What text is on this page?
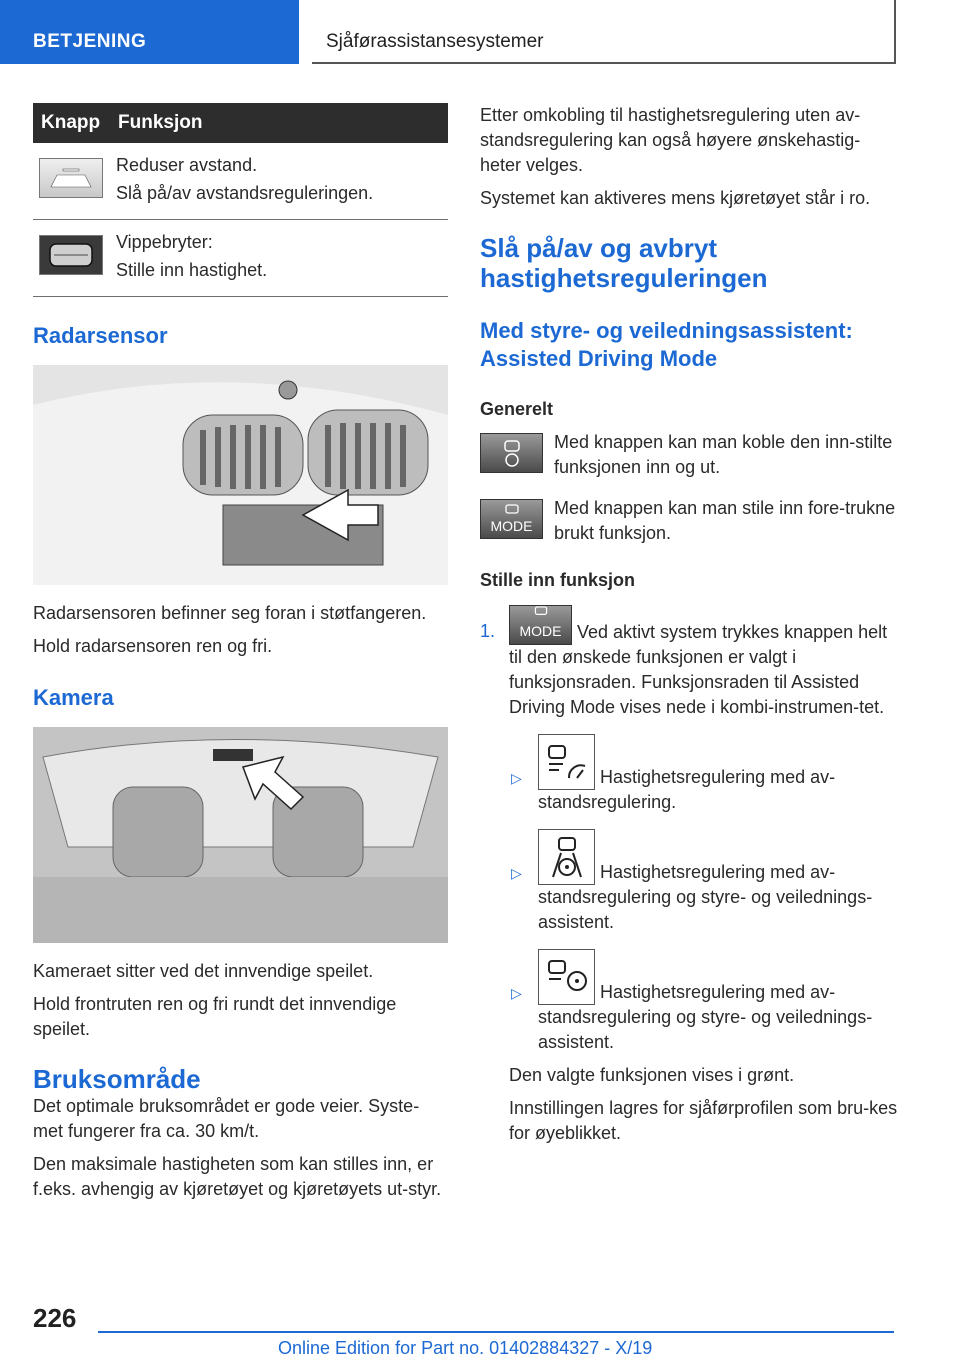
BETJENING	Sjåførassistansesystemer
Knapp	Funksjon

Reduser avstand.
Slå på/av avstandsreguleringen.

Vippebryter:
Stille inn hastighet.
Radarsensor

Radarsensoren befinner seg foran i støtfangeren.

Hold radarsensoren ren og fri.

Kamera

Kameraet sitter ved det innvendige speilet.

Hold frontruten ren og fri rundt det innvendige speilet.

Bruksområde

Det optimale bruksområdet er gode veier. Syste-met fungerer fra ca. 30 km/t.

Den maksimale hastigheten som kan stilles inn, er f.eks. avhengig av kjøretøyet og kjøretøyets ut-styr.

Etter omkobling til hastighetsregulering uten av-standsregulering kan også høyere ønskehastig-heter velges.

Systemet kan aktiveres mens kjøretøyet står i ro.

Slå på/av og avbryt hastighetsreguleringen
Med styre- og veiledningsassistent: Assisted Driving Mode
Generelt

Med knappen kan man koble den inn-stilte funksjonen inn og ut.

MODE

Med knappen kan man stile inn fore-trukne brukt funksjon.

Stille inn funksjon
1. MODE Ved aktivt system trykkes knappen helt til den ønskede funksjonen er valgt i funksjonsraden. Funksjonsraden til Assisted Driving Mode vises nede i kombi-instrumen-tet.

▷	Hastighetsregulering med av-standsregulering.

▷	Hastighetsregulering med av-standsregulering og styre- og veilednings-assistent.

▷	Hastighetsregulering med av-standsregulering og styre- og veilednings-assistent.

Den valgte funksjonen vises i grønt.

Innstillingen lagres for sjåførprofilen som bru-kes for øyeblikket.

226
Online Edition for Part no. 01402884327 - X/19
